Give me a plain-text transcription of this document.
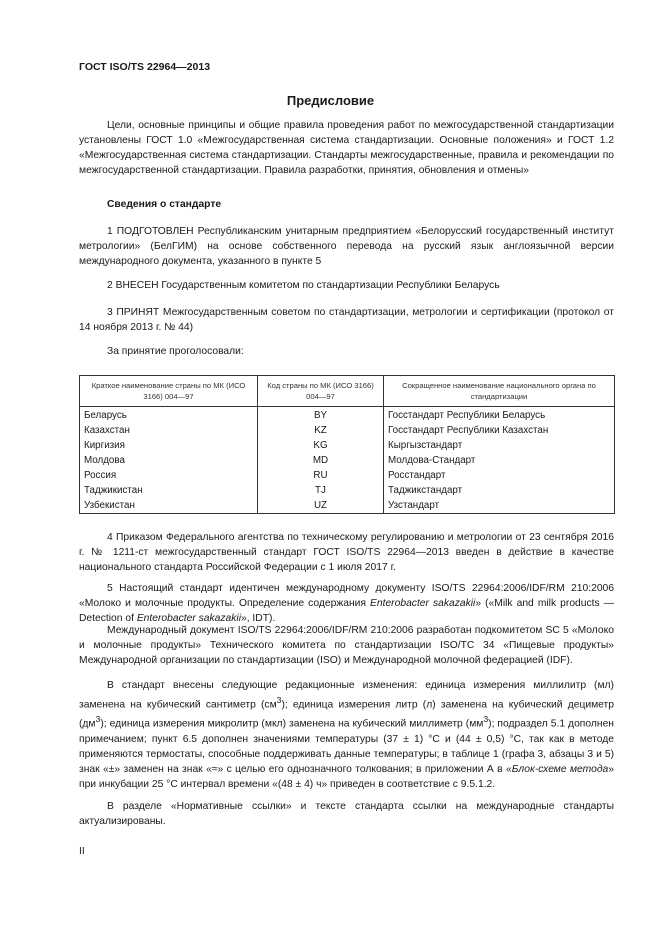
ГОСТ ISO/TS 22964—2013
Предисловие

Цели, основные принципы и общие правила проведения работ по межгосударственной стандартизации установлены ГОСТ 1.0 «Межгосударственная система стандартизации. Основные положения» и ГОСТ 1.2 «Межгосударственная система стандартизации. Стандарты межгосударственные, правила и рекомендации по межгосударственной стандартизации. Правила разработки, принятия, обновления и отмены»

Сведения о стандарте

1 ПОДГОТОВЛЕН Республиканским унитарным предприятием «Белорусский государственный институт метрологии» (БелГИМ) на основе собственного перевода на русский язык англоязычной версии международного документа, указанного в пункте 5

2 ВНЕСЕН Государственным комитетом по стандартизации Республики Беларусь

3 ПРИНЯТ Межгосударственным советом по стандартизации, метрологии и сертификации (протокол от 14 ноября 2013 г. № 44)

За принятие проголосовали:
Краткое наименование страны по МК (ИСО 3166) 004—97	Код страны по МК (ИСО 3166) 004—97	Сокращенное наименование национального органа по стандартизации
Беларусь	BY	Госстандарт Республики Беларусь
Казахстан	KZ	Госстандарт Республики Казахстан
Киргизия	KG	Кыргызстандарт
Молдова	MD	Молдова-Стандарт
Россия	RU	Росстандарт
Таджикистан	TJ	Таджикстандарт
Узбекистан	UZ	Узстандарт

4 Приказом Федерального агентства по техническому регулированию и метрологии от 23 сентября 2016 г. № 1211-ст межгосударственный стандарт ГОСТ ISO/TS 22964—2013 введен в действие в качестве национального стандарта Российской Федерации с 1 июля 2017 г.

5 Настоящий стандарт идентичен международному документу ISO/TS 22964:2006/IDF/RM 210:2006 «Молоко и молочные продукты. Определение содержания Enterobacter sakazakii» («Milk and milk products — Detection of Enterobacter sakazakii», IDT).

Международный документ ISO/TS 22964:2006/IDF/RM 210:2006 разработан подкомитетом SC 5 «Молоко и молочные продукты» Технического комитета по стандартизации ISO/TC 34 «Пищевые продукты» Международной организации по стандартизации (ISO) и Международной молочной федерацией (IDF).

В стандарт внесены следующие редакционные изменения: единица измерения миллилитр (мл) заменена на кубический сантиметр $(см^3)$; единица измерения литр (л) заменена на кубический дециметр $(дм^3)$; единица измерения микролитр (мкл) заменена на кубический миллиметр $(мм^3)$; подраздел 5.1 дополнен примечанием; пункт 6.5 дополнен значениями температуры (37 ± 1) °С и (44 ± 0,5) °С, так как в методе применяются термостаты, способные поддерживать данные температуры; в таблице 1 (графа 3, абзацы 3 и 5) знак «±» заменен на знак «≈» с целью его однозначного толкования; в приложении А в «Блок-схеме метода» при инкубации 25 °С интервал времени «(48 ± 4) ч» приведен в соответствие с 9.5.1.2.

В разделе «Нормативные ссылки» и тексте стандарта ссылки на международные стандарты актуализированы.

II
